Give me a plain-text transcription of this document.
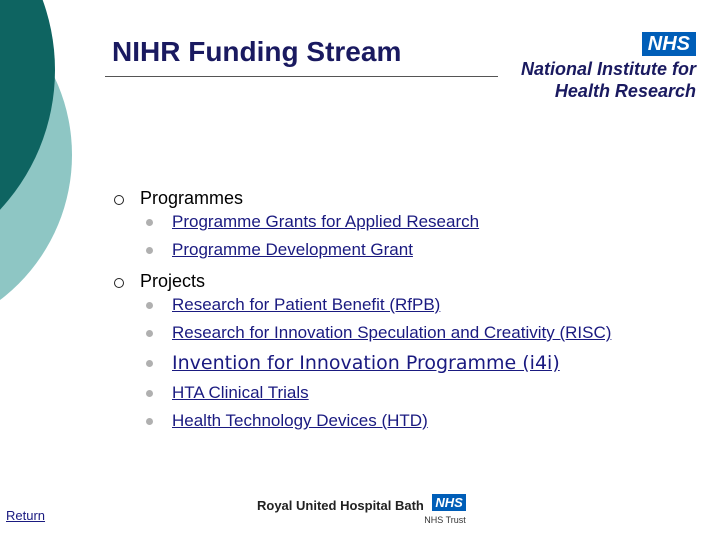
NIHR Funding Stream	NHS
National Institute for
Health Research
Programmes
Programme Grants for Applied Research
Programme Development Grant
Projects
Research for Patient Benefit (RfPB)
Research for Innovation Speculation and Creativity (RISC)
Invention for Innovation Programme (i4i)
HTA Clinical Trials
Health Technology Devices (HTD)
Return
Royal United Hospital Bath NHS
NHS Trust
